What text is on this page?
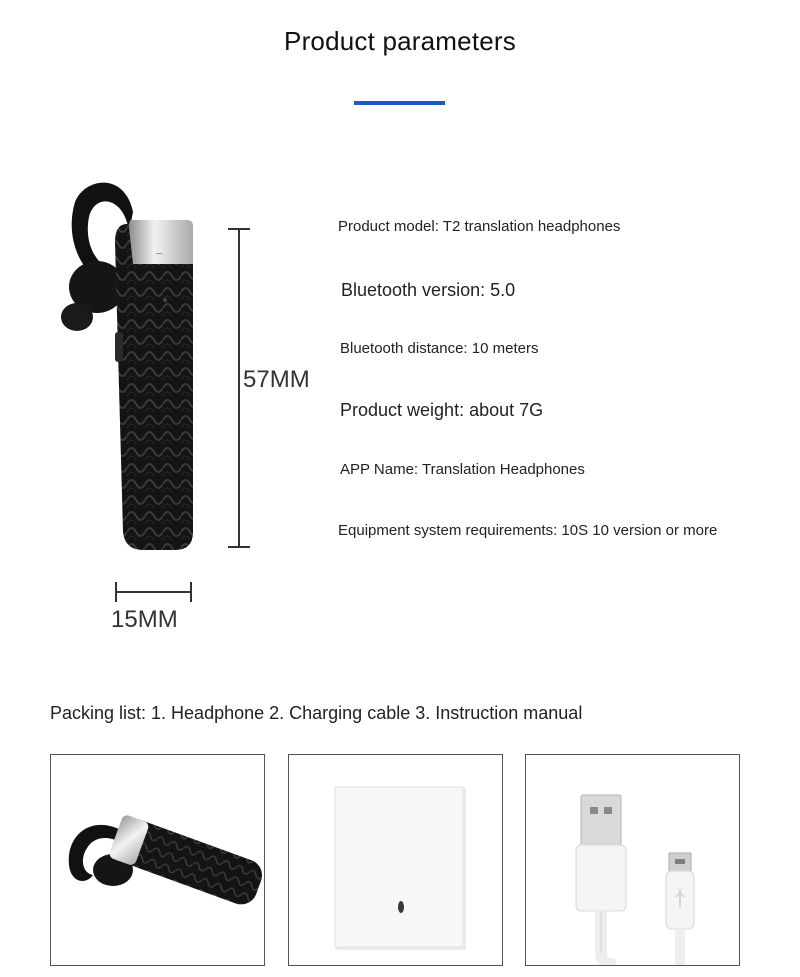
Product parameters
⌒
57MM
15MM
Product model: T2 translation headphones
Bluetooth version: 5.0
Bluetooth distance: 10 meters
Product weight: about 7G
APP Name: Translation Headphones
Equipment system requirements: 10S 10 version or more
Packing list: 1. Headphone 2. Charging cable 3. Instruction manual
